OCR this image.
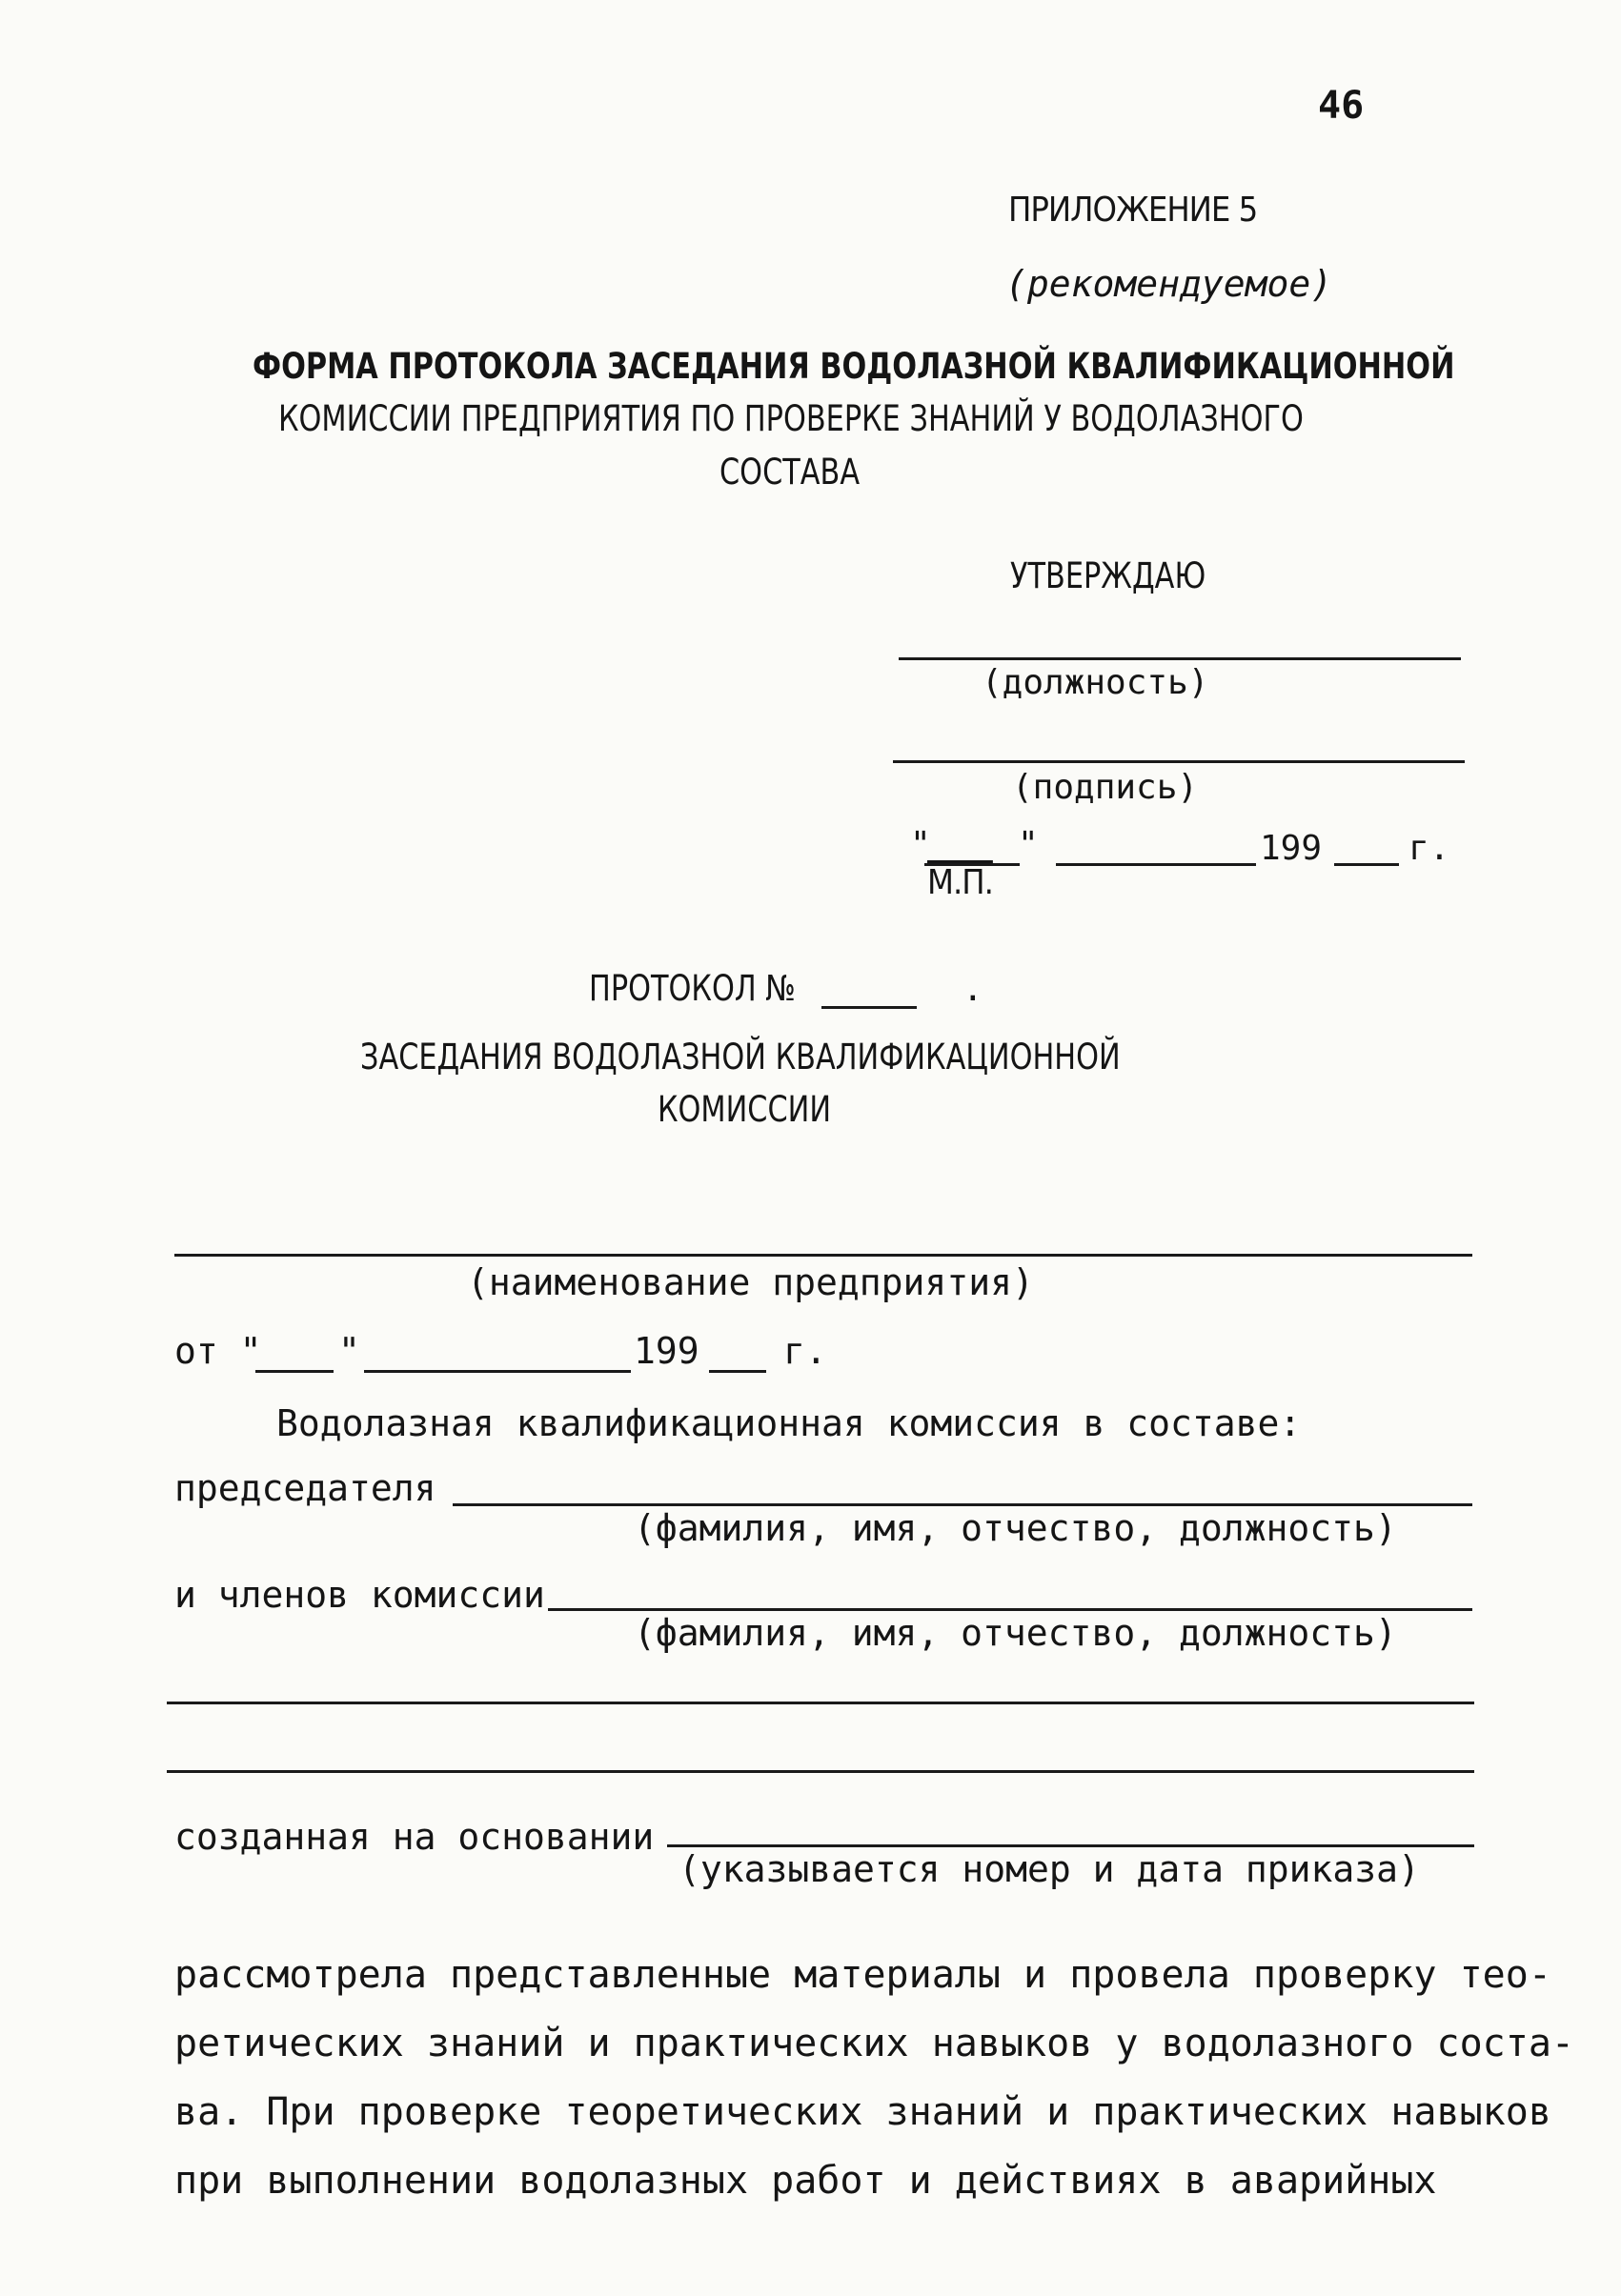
46
ПРИЛОЖЕНИЕ 5
(рекомендуемое)
ФОРМА ПРОТОКОЛА ЗАСЕДАНИЯ ВОДОЛАЗНОЙ КВАЛИФИКАЦИОННОЙ
КОМИССИИ ПРЕДПРИЯТИЯ ПО ПРОВЕРКЕ ЗНАНИЙ У ВОДОЛАЗНОГО
СОСТАВА
УТВЕРЖДАЮ
(должность)
(подпись)
"	"	199	г.
М.П.
ПРОТОКОЛ №	.
ЗАСЕДАНИЯ ВОДОЛАЗНОЙ КВАЛИФИКАЦИОННОЙ
КОМИССИИ
(наименование предприятия)
от " "	199 г.
Водолазная квалификационная комиссия в составе:
председателя
(фамилия, имя, отчество, должность)
и членов комиссии
(фамилия, имя, отчество, должность)
созданная на основании
(указывается номер и дата приказа)
рассмотрела представленные материалы и провела проверку тео-
ретических знаний и практических навыков у водолазного соста-
ва. При проверке теоретических знаний и практических навыков
при выполнении водолазных работ и действиях в аварийных
